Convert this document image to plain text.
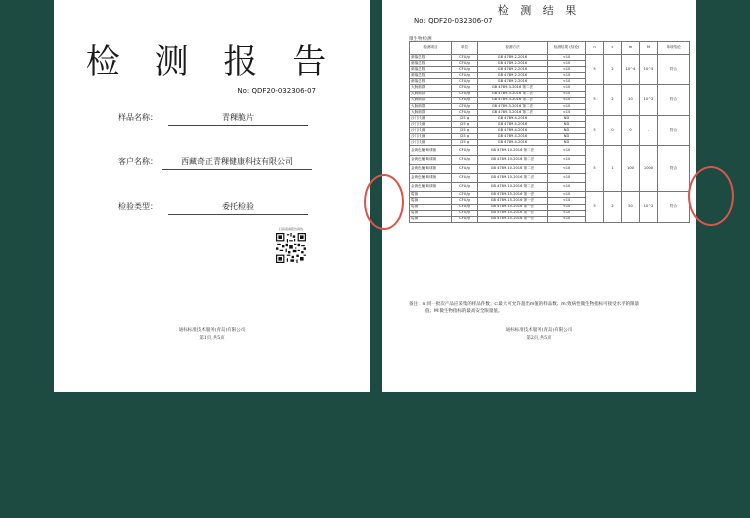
检 测 报 告
No: QDF20-032306-07
样品名称：	青稞脆片
客户名称：	西藏奇正青稞健康科技有限公司
检验类型：	委托检验
扫码查看报告真伪
通标标准技术服务(青岛)有限公司
第1页,共5页
检 测 结 果
No: QDF20-032306-07
微生物检测
检测项目	单位	检测方法	检测结果 (结论)	n	c	m	M	单项结论
菌落总数	CFU/g	GB 4789.2-2016	<10	5	2	10^4	10^5	符合
菌落总数	CFU/g	GB 4789.2-2016	<10					
菌落总数	CFU/g	GB 4789.2-2016	<10					
菌落总数	CFU/g	GB 4789.2-2016	<10					
菌落总数	CFU/g	GB 4789.2-2016	<10					
大肠菌群	CFU/g	GB 4789.3-2016 第二法	<10	5	2	10	10^2	符合
大肠菌群	CFU/g	GB 4789.3-2016 第二法	<10					
大肠菌群	CFU/g	GB 4789.3-2016 第二法	<10					
大肠菌群	CFU/g	GB 4789.3-2016 第二法	<10					
大肠菌群	CFU/g	GB 4789.3-2016 第二法	<10					
沙门氏菌	/25 g	GB 4789.4-2016	ND	5	0	0	-	符合
沙门氏菌	/25 g	GB 4789.4-2016	ND					
沙门氏菌	/25 g	GB 4789.4-2016	ND					
沙门氏菌	/25 g	GB 4789.4-2016	ND					
沙门氏菌	/25 g	GB 4789.4-2016	ND					
金黄色葡萄球菌	CFU/g	GB 4789.10-2016 第二法	<10	5	1	100	1000	符合
金黄色葡萄球菌	CFU/g	GB 4789.10-2016 第二法	<10					
金黄色葡萄球菌	CFU/g	GB 4789.10-2016 第二法	<10					
金黄色葡萄球菌	CFU/g	GB 4789.10-2016 第二法	<10					
金黄色葡萄球菌	CFU/g	GB 4789.10-2016 第二法	<10					
霉菌	CFU/g	GB 4789.15-2016 第一法	<10	5	2	50	10^2	符合
霉菌	CFU/g	GB 4789.15-2016 第一法	<10					
霉菌	CFU/g	GB 4789.15-2016 第一法	<10					
霉菌	CFU/g	GB 4789.15-2016 第一法	<10					
霉菌	CFU/g	GB 4789.15-2016 第一法	<10					
备注：n:同一批次产品应采集的样品件数；c:最大可允许超出m值的样品数；m:致病性微生物指标可接受水平的限量
值；M:微生物指标的最高安全限量值。
通标标准技术服务(青岛)有限公司
第2页,共5页
